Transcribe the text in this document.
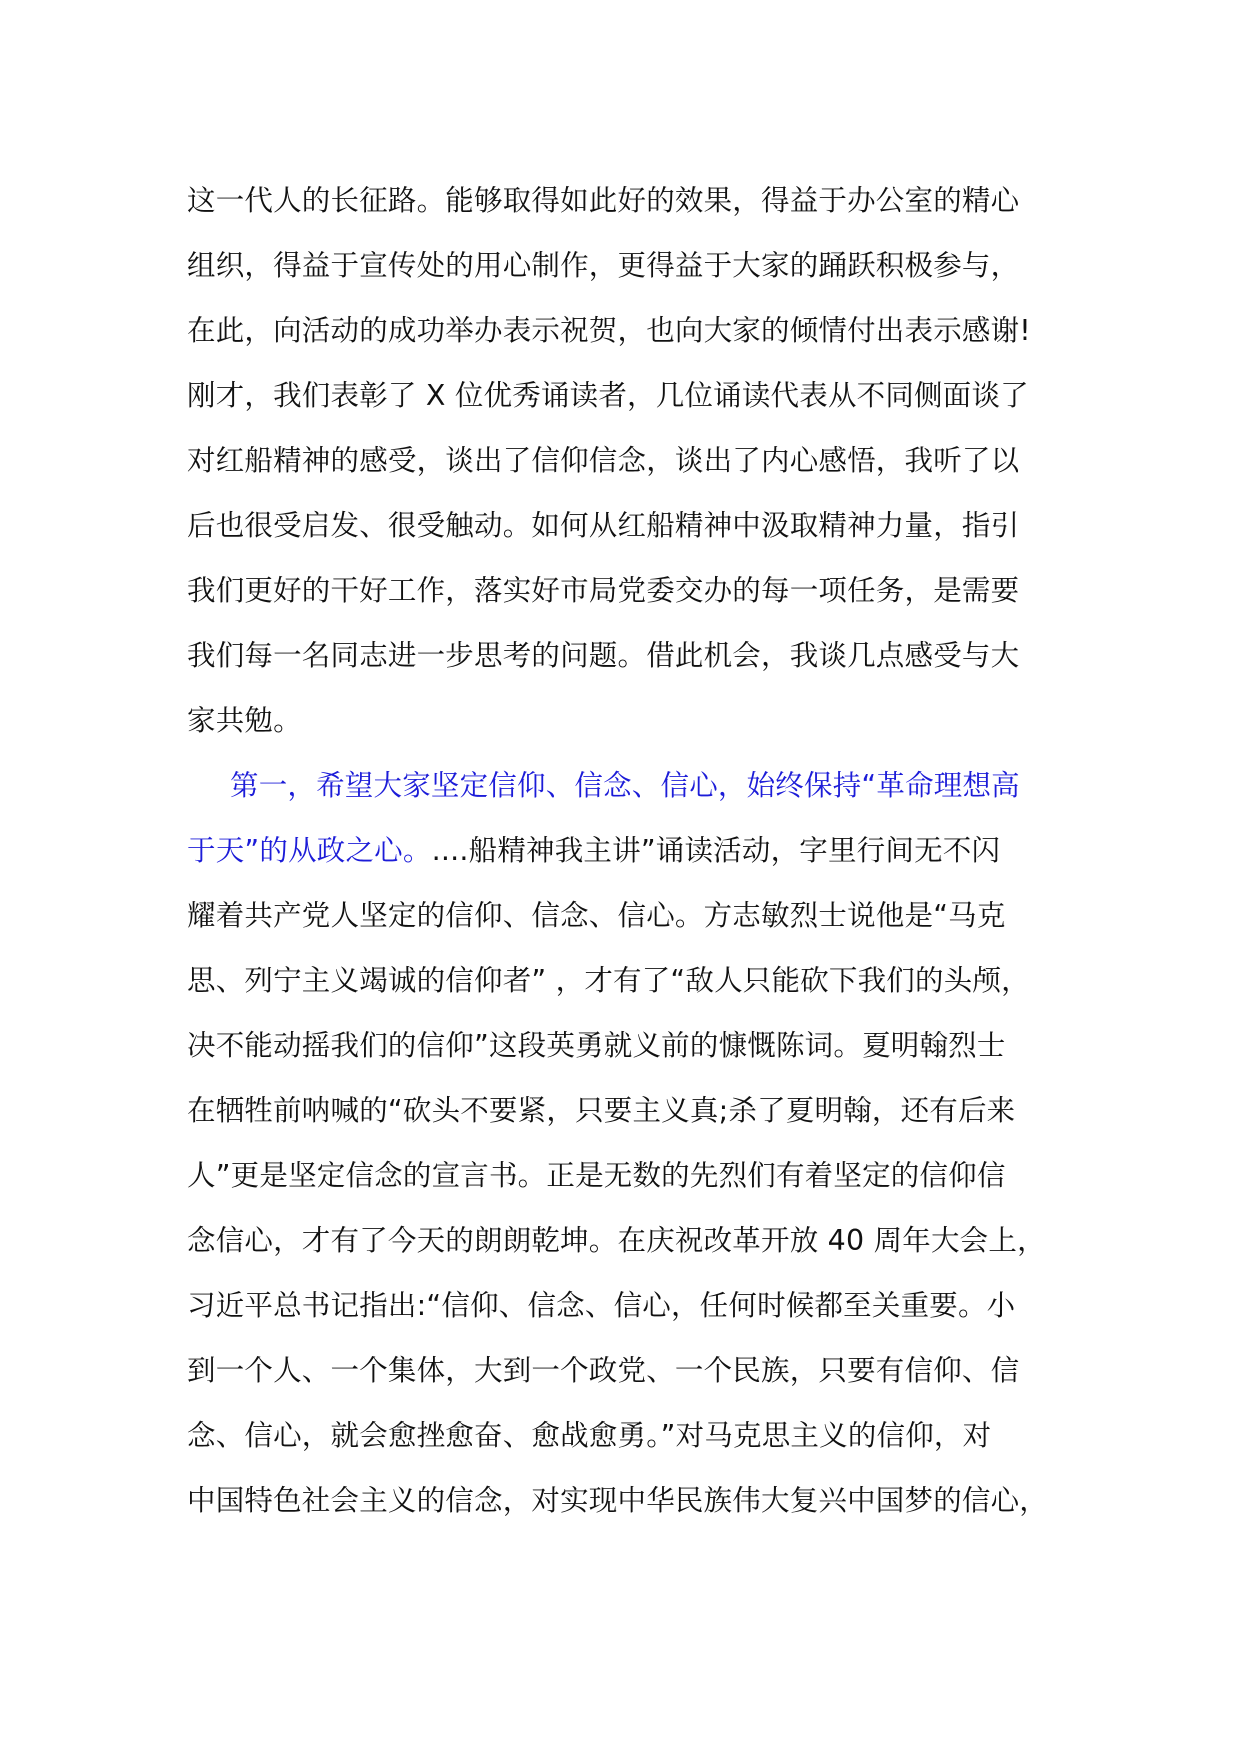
这一代人的长征路。能够取得如此好的效果，得益于办公室的精心
组织，得益于宣传处的用心制作，更得益于大家的踊跃积极参与，
在此，向活动的成功举办表示祝贺，也向大家的倾情付出表示感谢!
刚才，我们表彰了 X 位优秀诵读者，几位诵读代表从不同侧面谈了
对红船精神的感受，谈出了信仰信念，谈出了内心感悟，我听了以
后也很受启发、很受触动。如何从红船精神中汲取精神力量，指引
我们更好的干好工作，落实好市局党委交办的每一项任务，是需要
我们每一名同志进一步思考的问题。借此机会，我谈几点感受与大
家共勉。
第一，希望大家坚定信仰、信念、信心，始终保持“革命理想高
于天”的从政之心。....船精神我主讲”诵读活动，字里行间无不闪
耀着共产党人坚定的信仰、信念、信心。方志敏烈士说他是“马克
思、列宁主义竭诚的信仰者” ，才有了“敌人只能砍下我们的头颅，
决不能动摇我们的信仰”这段英勇就义前的慷慨陈词。夏明翰烈士
在牺牲前呐喊的“砍头不要紧，只要主义真;杀了夏明翰，还有后来
人”更是坚定信念的宣言书。正是无数的先烈们有着坚定的信仰信
念信心，才有了今天的朗朗乾坤。在庆祝改革开放 40 周年大会上，
习近平总书记指出:“信仰、信念、信心，任何时候都至关重要。小
到一个人、一个集体，大到一个政党、一个民族，只要有信仰、信
念、信心，就会愈挫愈奋、愈战愈勇。”对马克思主义的信仰，对
中国特色社会主义的信念，对实现中华民族伟大复兴中国梦的信心，
